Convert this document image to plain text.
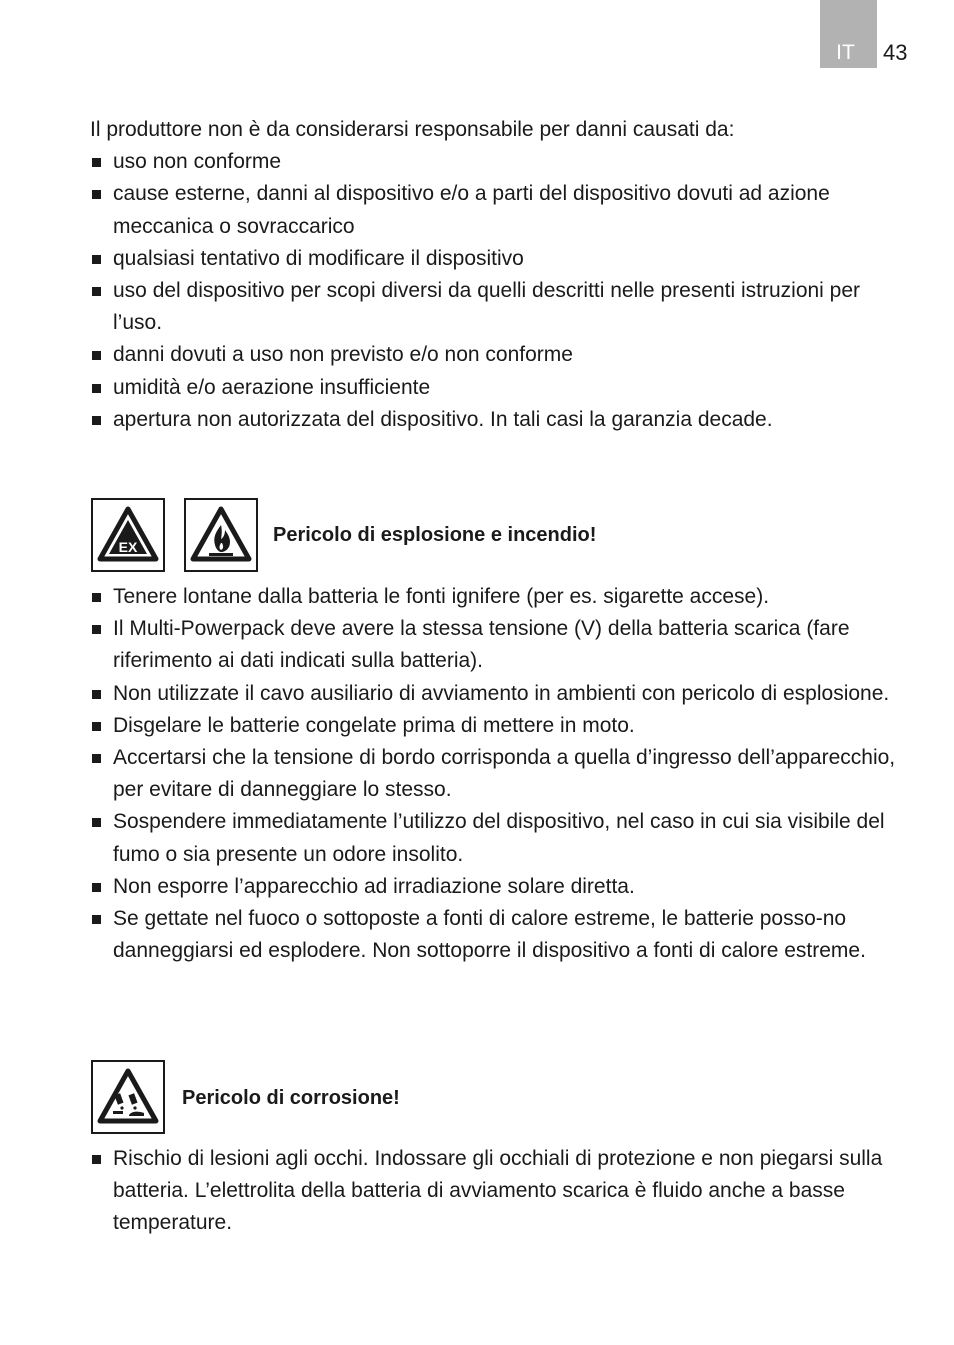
IT 43

Il produttore non è da considerarsi responsabile per danni causati da:

uso non conforme
cause esterne, danni al dispositivo e/o a parti del dispositivo dovuti ad azione meccanica o sovraccarico
qualsiasi tentativo di modificare il dispositivo
uso del dispositivo per scopi diversi da quelli descritti nelle presenti istruzioni per l’uso.
danni dovuti a uso non previsto e/o non conforme
umidità e/o aerazione insufficiente
apertura non autorizzata del dispositivo. In tali casi la garanzia decade.
EX
Pericolo di esplosione e incendio!
Tenere lontane dalla batteria le fonti ignifere (per es. sigarette accese).
Il Multi-Powerpack deve avere la stessa tensione (V) della batteria scarica (fare riferimento ai dati indicati sulla batteria).
Non utilizzate il cavo ausiliario di avviamento in ambienti con pericolo di esplosione.
Disgelare le batterie congelate prima di mettere in moto.
Accertarsi che la tensione di bordo corrisponda a quella d’ingresso dell’apparecchio, per evitare di danneggiare lo stesso.
Sospendere immediatamente l’utilizzo del dispositivo, nel caso in cui sia visibile del fumo o sia presente un odore insolito.
Non esporre l’apparecchio ad irradiazione solare diretta.
Se gettate nel fuoco o sottoposte a fonti di calore estreme, le batterie posso-no danneggiarsi ed esplodere. Non sottoporre il dispositivo a fonti di calore estreme.
Pericolo di corrosione!
Rischio di lesioni agli occhi. Indossare gli occhiali di protezione e non piegarsi sulla batteria. L’elettrolita della batteria di avviamento scarica è fluido anche a basse temperature.
